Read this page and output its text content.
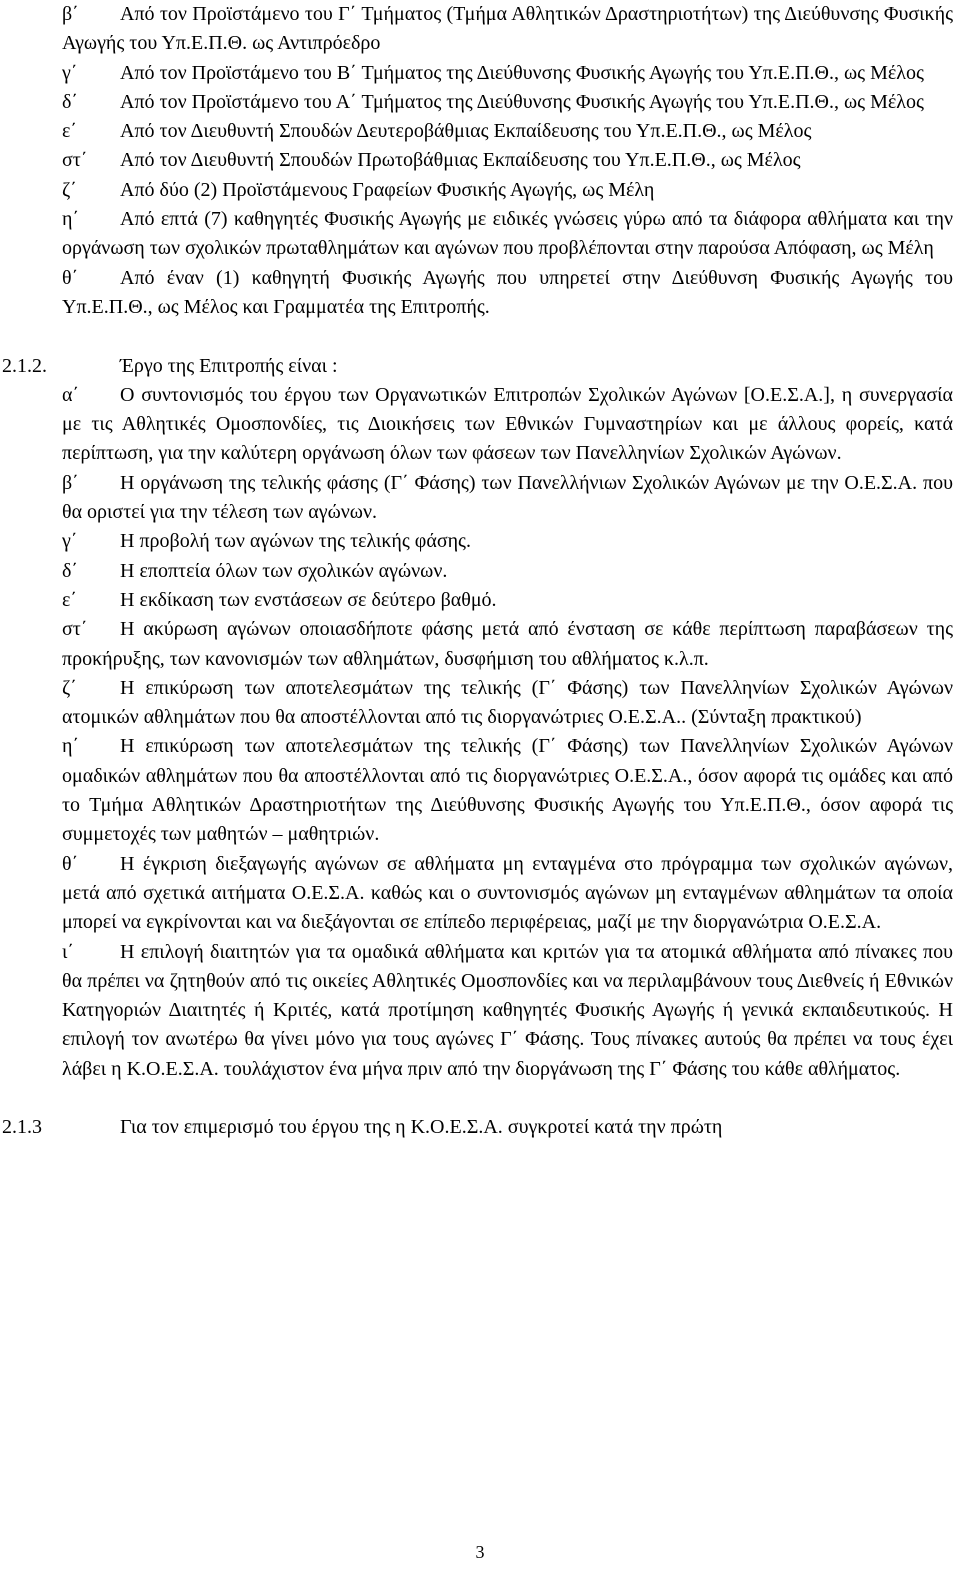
β΄ Από τον Προϊστάμενο του Γ΄ Τμήματος (Τμήμα Αθλητικών Δραστηριοτήτων) της Διεύθυνσης Φυσικής Αγωγής του Υπ.Ε.Π.Θ. ως Αντιπρόεδρο

γ΄ Από τον Προϊστάμενο του Β΄ Τμήματος της Διεύθυνσης Φυσικής Αγωγής του Υπ.Ε.Π.Θ., ως Μέλος

δ΄ Από τον Προϊστάμενο του Α΄ Τμήματος της Διεύθυνσης Φυσικής Αγωγής του Υπ.Ε.Π.Θ., ως Μέλος

ε΄ Από τον Διευθυντή Σπουδών Δευτεροβάθμιας Εκπαίδευσης του Υπ.Ε.Π.Θ., ως Μέλος

στ΄ Από τον Διευθυντή Σπουδών Πρωτοβάθμιας Εκπαίδευσης του Υπ.Ε.Π.Θ., ως Μέλος

ζ΄ Από δύο (2) Προϊστάμενους Γραφείων Φυσικής Αγωγής, ως Μέλη

η΄ Από επτά (7) καθηγητές Φυσικής Αγωγής με ειδικές γνώσεις γύρω από τα διάφορα αθλήματα και την οργάνωση των σχολικών πρωταθλημάτων και αγώνων που προβλέπονται στην παρούσα Απόφαση, ως Μέλη

θ΄ Από έναν (1) καθηγητή Φυσικής Αγωγής που υπηρετεί στην Διεύθυνση Φυσικής Αγωγής του Υπ.Ε.Π.Θ., ως Μέλος και Γραμματέα της Επιτροπής.

2.1.2.	Έργο της Επιτροπής είναι :

α΄ Ο συντονισμός του έργου των Οργανωτικών Επιτροπών Σχολικών Αγώνων [Ο.Ε.Σ.Α.], η συνεργασία με τις Αθλητικές Ομοσπονδίες, τις Διοικήσεις των Εθνικών Γυμναστηρίων και με άλλους φορείς, κατά περίπτωση, για την καλύτερη οργάνωση όλων των φάσεων των Πανελληνίων Σχολικών Αγώνων.

β΄ Η οργάνωση της τελικής φάσης (Γ΄ Φάσης) των Πανελλήνιων Σχολικών Αγώνων με την Ο.Ε.Σ.Α. που θα οριστεί για την τέλεση των αγώνων.

γ΄ Η προβολή των αγώνων της τελικής φάσης.

δ΄ Η εποπτεία όλων των σχολικών αγώνων.

ε΄ Η εκδίκαση των ενστάσεων σε δεύτερο βαθμό.

στ΄ Η ακύρωση αγώνων οποιασδήποτε φάσης μετά από ένσταση σε κάθε περίπτωση παραβάσεων της προκήρυξης, των κανονισμών των αθλημάτων, δυσφήμιση του αθλήματος κ.λ.π.

ζ΄ Η επικύρωση των αποτελεσμάτων της τελικής (Γ΄ Φάσης) των Πανελληνίων Σχολικών Αγώνων ατομικών αθλημάτων που θα αποστέλλονται από τις διοργανώτριες Ο.Ε.Σ.Α.. (Σύνταξη πρακτικού)

η΄ Η επικύρωση των αποτελεσμάτων της τελικής (Γ΄ Φάσης) των Πανελληνίων Σχολικών Αγώνων ομαδικών αθλημάτων που θα αποστέλλονται από τις διοργανώτριες Ο.Ε.Σ.Α., όσον αφορά τις ομάδες και από το Τμήμα Αθλητικών Δραστηριοτήτων της Διεύθυνσης Φυσικής Αγωγής του Υπ.Ε.Π.Θ., όσον αφορά τις συμμετοχές των μαθητών – μαθητριών.

θ΄ Η έγκριση διεξαγωγής αγώνων σε αθλήματα μη ενταγμένα στο πρόγραμμα των σχολικών αγώνων, μετά από σχετικά αιτήματα Ο.Ε.Σ.Α. καθώς και ο συντονισμός αγώνων μη ενταγμένων αθλημάτων τα οποία μπορεί να εγκρίνονται και να διεξάγονται σε επίπεδο περιφέρειας, μαζί με την διοργανώτρια Ο.Ε.Σ.Α.

ι΄ Η επιλογή διαιτητών για τα ομαδικά αθλήματα και κριτών για τα ατομικά αθλήματα από πίνακες που θα πρέπει να ζητηθούν από τις οικείες Αθλητικές Ομοσπονδίες και να περιλαμβάνουν τους Διεθνείς ή Εθνικών Κατηγοριών Διαιτητές ή Κριτές, κατά προτίμηση καθηγητές Φυσικής Αγωγής ή γενικά εκπαιδευτικούς. Η επιλογή τον ανωτέρω θα γίνει μόνο για τους αγώνες Γ΄ Φάσης. Τους πίνακες αυτούς θα πρέπει να τους έχει λάβει η Κ.Ο.Ε.Σ.Α. τουλάχιστον ένα μήνα πριν από την διοργάνωση της Γ΄ Φάσης του κάθε αθλήματος.

2.1.3	Για τον επιμερισμό του έργου της η Κ.Ο.Ε.Σ.Α. συγκροτεί κατά την πρώτη

3
